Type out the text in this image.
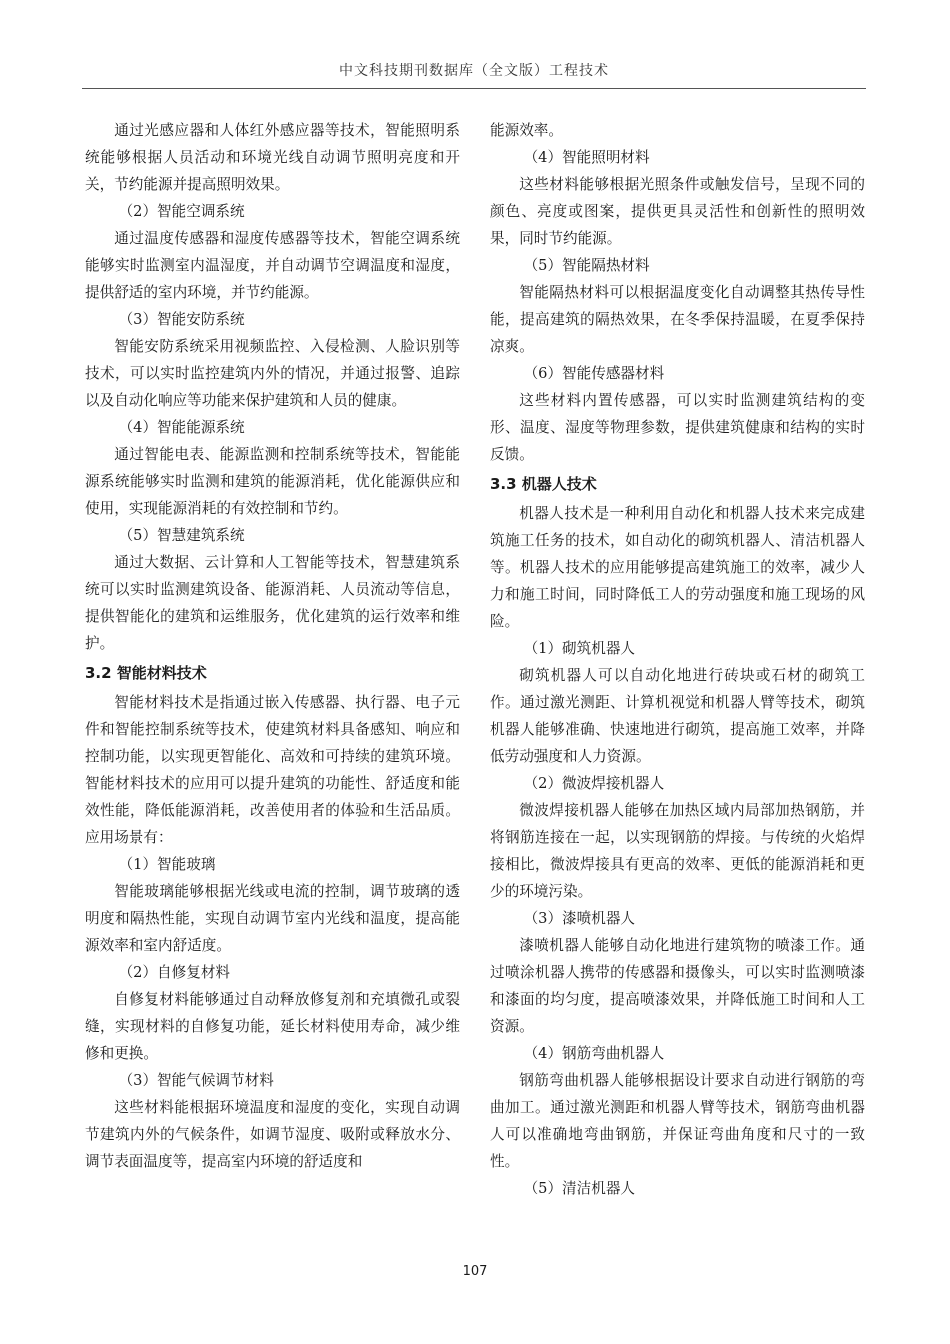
中文科技期刊数据库（全文版）工程技术

通过光感应器和人体红外感应器等技术，智能照明系统能够根据人员活动和环境光线自动调节照明亮度和开关，节约能源并提高照明效果。

（2）智能空调系统

通过温度传感器和湿度传感器等技术，智能空调系统能够实时监测室内温湿度，并自动调节空调温度和湿度，提供舒适的室内环境，并节约能源。

（3）智能安防系统

智能安防系统采用视频监控、入侵检测、人脸识别等技术，可以实时监控建筑内外的情况，并通过报警、追踪以及自动化响应等功能来保护建筑和人员的健康。

（4）智能能源系统

通过智能电表、能源监测和控制系统等技术，智能能源系统能够实时监测和建筑的能源消耗，优化能源供应和使用，实现能源消耗的有效控制和节约。

（5）智慧建筑系统

通过大数据、云计算和人工智能等技术，智慧建筑系统可以实时监测建筑设备、能源消耗、人员流动等信息，提供智能化的建筑和运维服务，优化建筑的运行效率和维护。

3.2 智能材料技术

智能材料技术是指通过嵌入传感器、执行器、电子元件和智能控制系统等技术，使建筑材料具备感知、响应和控制功能，以实现更智能化、高效和可持续的建筑环境。智能材料技术的应用可以提升建筑的功能性、舒适度和能效性能，降低能源消耗，改善使用者的体验和生活品质。应用场景有：

（1）智能玻璃

智能玻璃能够根据光线或电流的控制，调节玻璃的透明度和隔热性能，实现自动调节室内光线和温度，提高能源效率和室内舒适度。

（2）自修复材料

自修复材料能够通过自动释放修复剂和充填微孔或裂缝，实现材料的自修复功能，延长材料使用寿命，减少维修和更换。

（3）智能气候调节材料

这些材料能根据环境温度和湿度的变化，实现自动调节建筑内外的气候条件，如调节湿度、吸附或释放水分、调节表面温度等，提高室内环境的舒适度和

能源效率。

（4）智能照明材料

这些材料能够根据光照条件或触发信号，呈现不同的颜色、亮度或图案，提供更具灵活性和创新性的照明效果，同时节约能源。

（5）智能隔热材料

智能隔热材料可以根据温度变化自动调整其热传导性能，提高建筑的隔热效果，在冬季保持温暖，在夏季保持凉爽。

（6）智能传感器材料

这些材料内置传感器，可以实时监测建筑结构的变形、温度、湿度等物理参数，提供建筑健康和结构的实时反馈。

3.3 机器人技术

机器人技术是一种利用自动化和机器人技术来完成建筑施工任务的技术，如自动化的砌筑机器人、清洁机器人等。机器人技术的应用能够提高建筑施工的效率，减少人力和施工时间，同时降低工人的劳动强度和施工现场的风险。

（1）砌筑机器人

砌筑机器人可以自动化地进行砖块或石材的砌筑工作。通过激光测距、计算机视觉和机器人臂等技术，砌筑机器人能够准确、快速地进行砌筑，提高施工效率，并降低劳动强度和人力资源。

（2）微波焊接机器人

微波焊接机器人能够在加热区域内局部加热钢筋，并将钢筋连接在一起，以实现钢筋的焊接。与传统的火焰焊接相比，微波焊接具有更高的效率、更低的能源消耗和更少的环境污染。

（3）漆喷机器人

漆喷机器人能够自动化地进行建筑物的喷漆工作。通过喷涂机器人携带的传感器和摄像头，可以实时监测喷漆和漆面的均匀度，提高喷漆效果，并降低施工时间和人工资源。

（4）钢筋弯曲机器人

钢筋弯曲机器人能够根据设计要求自动进行钢筋的弯曲加工。通过激光测距和机器人臂等技术，钢筋弯曲机器人可以准确地弯曲钢筋，并保证弯曲角度和尺寸的一致性。

（5）清洁机器人

107
